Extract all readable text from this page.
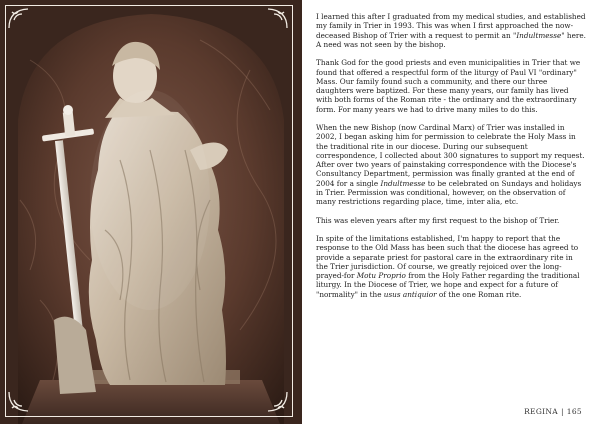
I learned this after I graduated from my medical studies, and established my family in Trier in 1993. This was when I first approached the now-deceased Bishop of Trier with a request to permit an "Indultmesse" here. A need was not seen by the bishop.

Thank God for the good priests and even municipalities in Trier that we found that offered a respectful form of the liturgy of Paul VI "ordinary" Mass. Our family found such a community, and there our three daughters were baptized. For these many years, our family has lived with both forms of the Roman rite - the ordinary and the extraordinary form. For many years we had to drive many miles to do this.

When the new Bishop (now Cardinal Marx) of Trier was installed in 2002, I began asking him for permission to celebrate the Holy Mass in the traditional rite in our diocese. During our subsequent correspondence, I collected about 300 signatures to support my request. After over two years of painstaking correspondence with the Diocese's Consultancy Department, permission was finally granted at the end of 2004 for a single Indultmesse to be celebrated on Sundays and holidays in Trier. Permission was conditional, however, on the observation of many restrictions regarding place, time, inter alia, etc.

This was eleven years after my first request to the bishop of Trier.

In spite of the limitations established, I'm happy to report that the response to the Old Mass has been such that the diocese has agreed to provide a separate priest for pastoral care in the extraordinary rite in the Trier jurisdiction. Of course, we greatly rejoiced over the long-prayed-for Motu Proprio from the Holy Father regarding the traditional liturgy. In the Diocese of Trier, we hope and expect for a future of "normality" in the usus antiquior of the one Roman rite.

REGINA | 165
